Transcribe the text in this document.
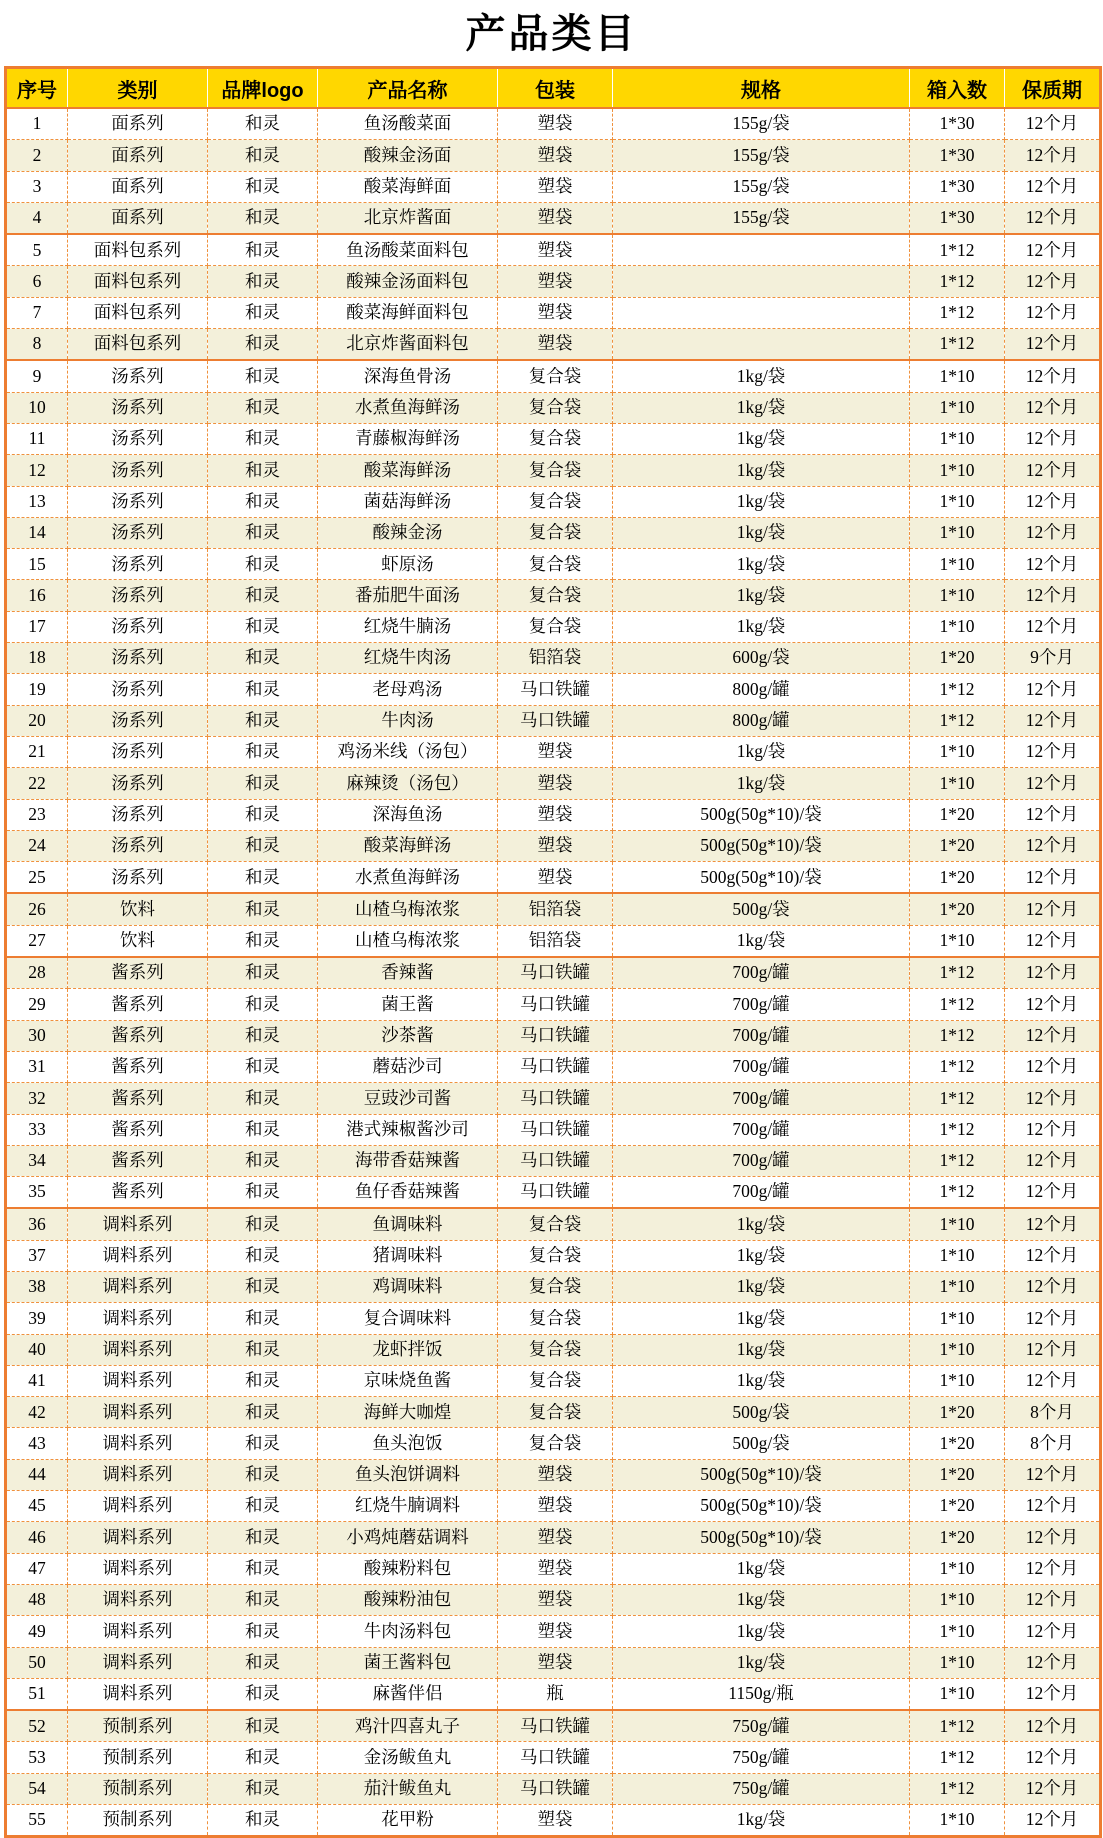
产品类目
序号	类别	品牌logo	产品名称	包装	规格	箱入数	保质期
1	面系列	和灵	鱼汤酸菜面	塑袋	155g/袋	1*30	12个月
2	面系列	和灵	酸辣金汤面	塑袋	155g/袋	1*30	12个月
3	面系列	和灵	酸菜海鲜面	塑袋	155g/袋	1*30	12个月
4	面系列	和灵	北京炸酱面	塑袋	155g/袋	1*30	12个月
5	面料包系列	和灵	鱼汤酸菜面料包	塑袋		1*12	12个月
6	面料包系列	和灵	酸辣金汤面料包	塑袋		1*12	12个月
7	面料包系列	和灵	酸菜海鲜面料包	塑袋		1*12	12个月
8	面料包系列	和灵	北京炸酱面料包	塑袋		1*12	12个月
9	汤系列	和灵	深海鱼骨汤	复合袋	1kg/袋	1*10	12个月
10	汤系列	和灵	水煮鱼海鲜汤	复合袋	1kg/袋	1*10	12个月
11	汤系列	和灵	青藤椒海鲜汤	复合袋	1kg/袋	1*10	12个月
12	汤系列	和灵	酸菜海鲜汤	复合袋	1kg/袋	1*10	12个月
13	汤系列	和灵	菌菇海鲜汤	复合袋	1kg/袋	1*10	12个月
14	汤系列	和灵	酸辣金汤	复合袋	1kg/袋	1*10	12个月
15	汤系列	和灵	虾原汤	复合袋	1kg/袋	1*10	12个月
16	汤系列	和灵	番茄肥牛面汤	复合袋	1kg/袋	1*10	12个月
17	汤系列	和灵	红烧牛腩汤	复合袋	1kg/袋	1*10	12个月
18	汤系列	和灵	红烧牛肉汤	铝箔袋	600g/袋	1*20	9个月
19	汤系列	和灵	老母鸡汤	马口铁罐	800g/罐	1*12	12个月
20	汤系列	和灵	牛肉汤	马口铁罐	800g/罐	1*12	12个月
21	汤系列	和灵	鸡汤米线（汤包）	塑袋	1kg/袋	1*10	12个月
22	汤系列	和灵	麻辣烫（汤包）	塑袋	1kg/袋	1*10	12个月
23	汤系列	和灵	深海鱼汤	塑袋	500g(50g*10)/袋	1*20	12个月
24	汤系列	和灵	酸菜海鲜汤	塑袋	500g(50g*10)/袋	1*20	12个月
25	汤系列	和灵	水煮鱼海鲜汤	塑袋	500g(50g*10)/袋	1*20	12个月
26	饮料	和灵	山楂乌梅浓浆	铝箔袋	500g/袋	1*20	12个月
27	饮料	和灵	山楂乌梅浓浆	铝箔袋	1kg/袋	1*10	12个月
28	酱系列	和灵	香辣酱	马口铁罐	700g/罐	1*12	12个月
29	酱系列	和灵	菌王酱	马口铁罐	700g/罐	1*12	12个月
30	酱系列	和灵	沙茶酱	马口铁罐	700g/罐	1*12	12个月
31	酱系列	和灵	蘑菇沙司	马口铁罐	700g/罐	1*12	12个月
32	酱系列	和灵	豆豉沙司酱	马口铁罐	700g/罐	1*12	12个月
33	酱系列	和灵	港式辣椒酱沙司	马口铁罐	700g/罐	1*12	12个月
34	酱系列	和灵	海带香菇辣酱	马口铁罐	700g/罐	1*12	12个月
35	酱系列	和灵	鱼仔香菇辣酱	马口铁罐	700g/罐	1*12	12个月
36	调料系列	和灵	鱼调味料	复合袋	1kg/袋	1*10	12个月
37	调料系列	和灵	猪调味料	复合袋	1kg/袋	1*10	12个月
38	调料系列	和灵	鸡调味料	复合袋	1kg/袋	1*10	12个月
39	调料系列	和灵	复合调味料	复合袋	1kg/袋	1*10	12个月
40	调料系列	和灵	龙虾拌饭	复合袋	1kg/袋	1*10	12个月
41	调料系列	和灵	京味烧鱼酱	复合袋	1kg/袋	1*10	12个月
42	调料系列	和灵	海鲜大咖煌	复合袋	500g/袋	1*20	8个月
43	调料系列	和灵	鱼头泡饭	复合袋	500g/袋	1*20	8个月
44	调料系列	和灵	鱼头泡饼调料	塑袋	500g(50g*10)/袋	1*20	12个月
45	调料系列	和灵	红烧牛腩调料	塑袋	500g(50g*10)/袋	1*20	12个月
46	调料系列	和灵	小鸡炖蘑菇调料	塑袋	500g(50g*10)/袋	1*20	12个月
47	调料系列	和灵	酸辣粉料包	塑袋	1kg/袋	1*10	12个月
48	调料系列	和灵	酸辣粉油包	塑袋	1kg/袋	1*10	12个月
49	调料系列	和灵	牛肉汤料包	塑袋	1kg/袋	1*10	12个月
50	调料系列	和灵	菌王酱料包	塑袋	1kg/袋	1*10	12个月
51	调料系列	和灵	麻酱伴侣	瓶	1150g/瓶	1*10	12个月
52	预制系列	和灵	鸡汁四喜丸子	马口铁罐	750g/罐	1*12	12个月
53	预制系列	和灵	金汤鲅鱼丸	马口铁罐	750g/罐	1*12	12个月
54	预制系列	和灵	茄汁鲅鱼丸	马口铁罐	750g/罐	1*12	12个月
55	预制系列	和灵	花甲粉	塑袋	1kg/袋	1*10	12个月
